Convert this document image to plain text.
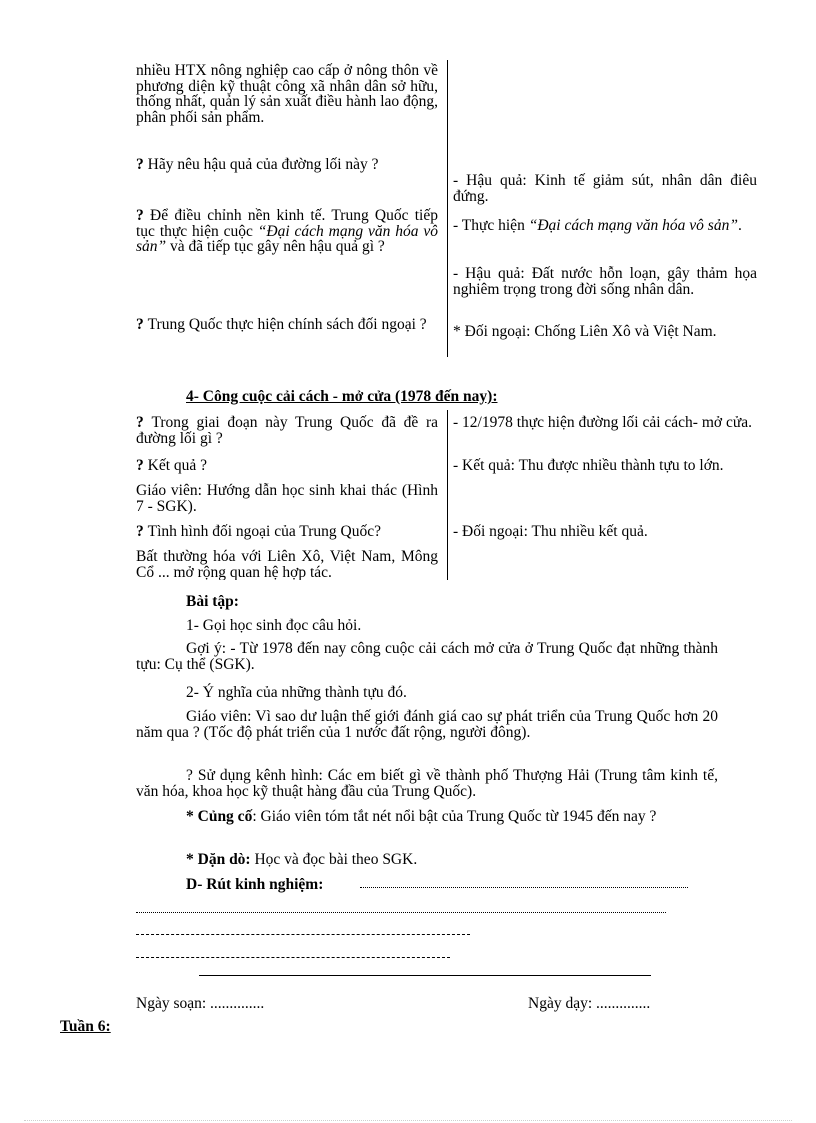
nhiều HTX nông nghiệp cao cấp ở nông thôn về phương diện kỹ thuật công xã nhân dân sở hữu, thống nhất, quản lý sản xuất điều hành lao động, phân phối sản phẩm.

? Hãy nêu hậu quả của đường lối này ?

? Để điều chỉnh nền kinh tế. Trung Quốc tiếp tục thực hiện cuộc “Đại cách mạng văn hóa vô sản” và đã tiếp tục gây nên hậu quả gì ?

? Trung Quốc thực hiện chính sách đối ngoại ?

- Hậu quả: Kinh tế giảm sút, nhân dân điêu đứng.

- Thực hiện “Đại cách mạng văn hóa vô sản”.

- Hậu quả: Đất nước hỗn loạn, gây thảm họa nghiêm trọng trong đời sống nhân dân.

* Đối ngoại: Chống Liên Xô và Việt Nam.

4- Công cuộc cải cách - mở cửa (1978 đến nay):

? Trong giai đoạn này Trung Quốc đã đề ra đường lối gì ?

? Kết quả ?

Giáo viên: Hướng dẫn học sinh khai thác (Hình 7 - SGK).

? Tình hình đối ngoại của Trung Quốc?

Bất thường hóa với Liên Xô, Việt Nam, Mông Cổ ... mở rộng quan hệ hợp tác.

- 12/1978 thực hiện đường lối cải cách- mở cửa.

- Kết quả: Thu được nhiều thành tựu to lớn.

- Đối ngoại: Thu nhiều kết quả.

Bài tập:
1- Gọi học sinh đọc câu hỏi.
Gợi ý: - Từ 1978 đến nay công cuộc cải cách mở cửa ở Trung Quốc đạt những thành tựu: Cụ thể (SGK).
2- Ý nghĩa của những thành tựu đó.
Giáo viên: Vì sao dư luận thế giới đánh giá cao sự phát triển của Trung Quốc hơn 20 năm qua ? (Tốc độ phát triển của 1 nước đất rộng, người đông).
? Sử dụng kênh hình: Các em biết gì về thành phố Thượng Hải (Trung tâm kinh tế, văn hóa, khoa học kỹ thuật hàng đầu của Trung Quốc).
* Củng cố: Giáo viên tóm tắt nét nổi bật của Trung Quốc từ 1945 đến nay ?
* Dặn dò: Học và đọc bài theo SGK.
D- Rút kinh nghiệm:
Ngày soạn: ..............	Ngày dạy: ..............
Tuần 6:
